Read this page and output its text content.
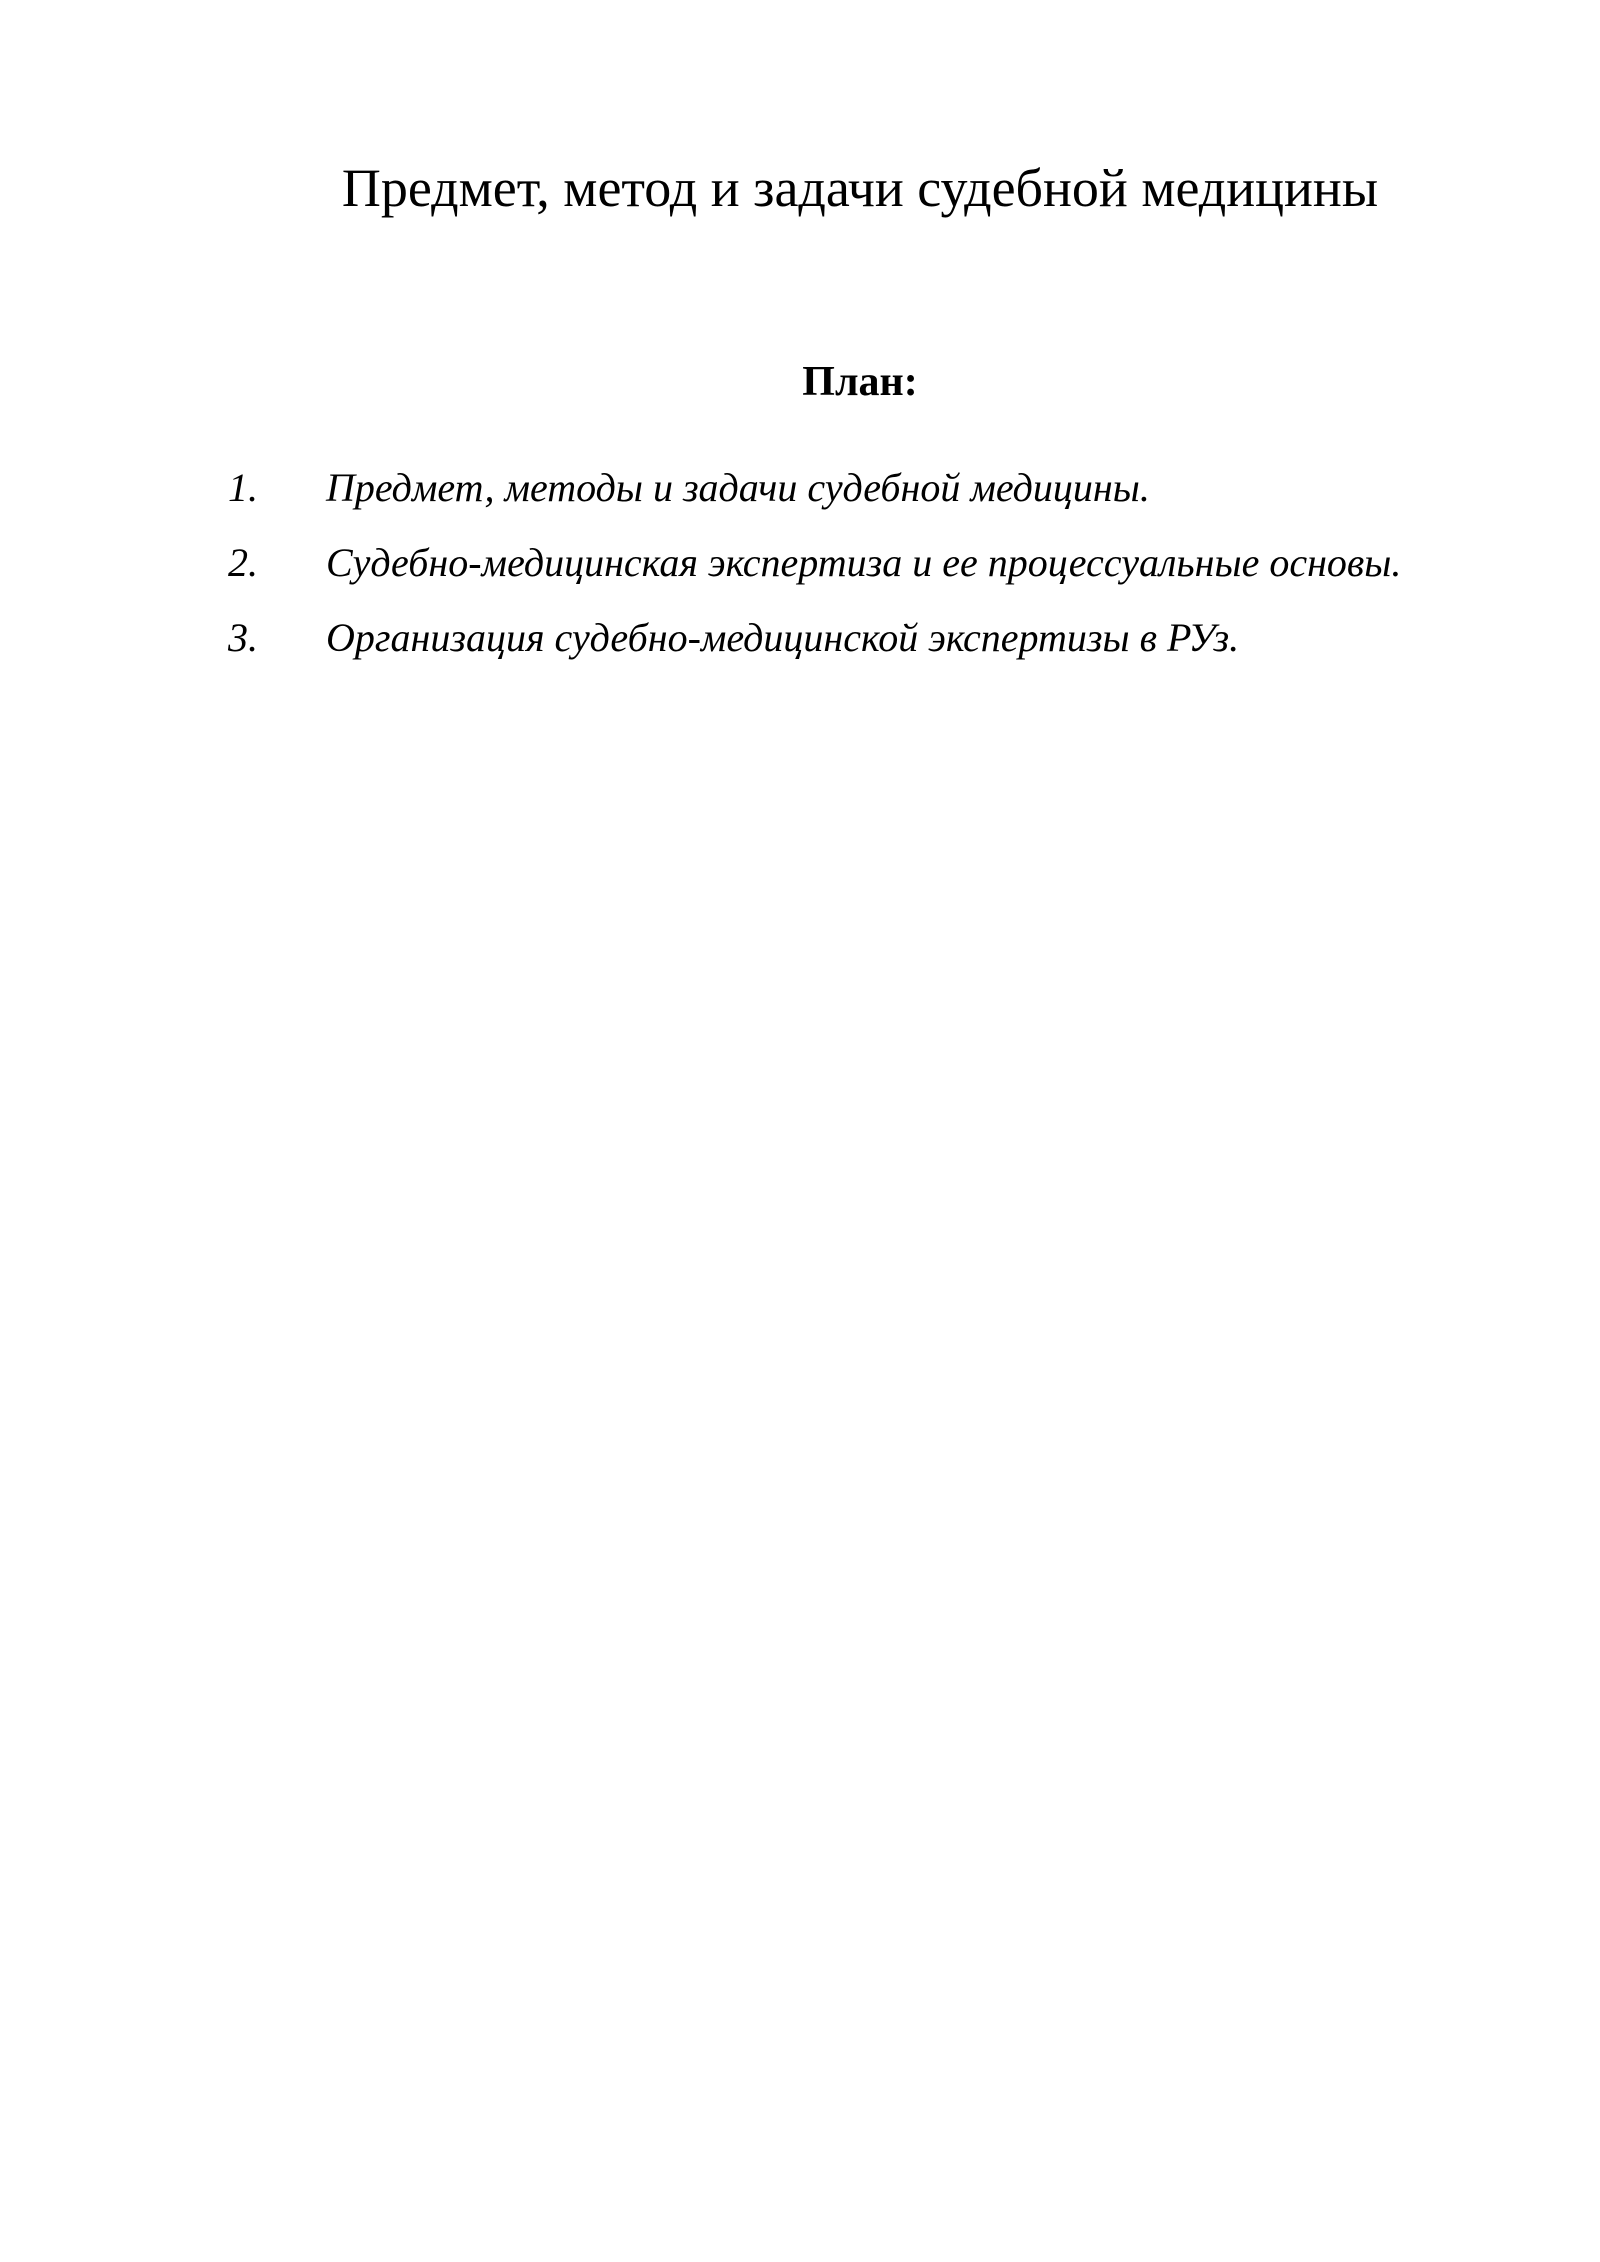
Предмет, метод и задачи судебной медицины
План:
1.	Предмет, методы и задачи судебной медицины.
2.	Судебно-медицинская экспертиза и ее процессуальные основы.
3.	Организация судебно-медицинской экспертизы в РУз.
